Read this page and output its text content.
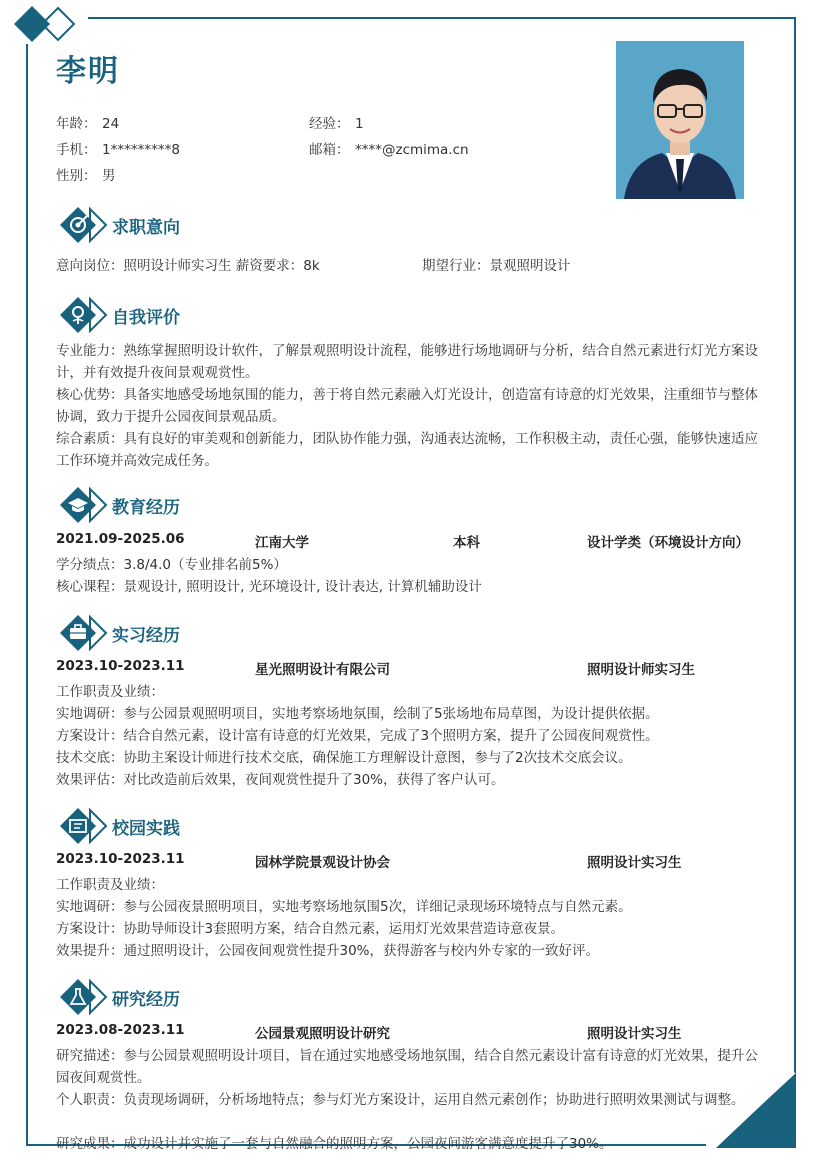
李明
年龄： 24	经验： 1
手机： 1*********8	邮箱： ****@zcmima.cn
性别： 男
求职意向
意向岗位：照明设计师实习生 薪资要求：8k	期望行业：景观照明设计
自我评价
专业能力：熟练掌握照明设计软件，了解景观照明设计流程，能够进行场地调研与分析，结合自然元素进行灯光方案设计，并有效提升夜间景观观赏性。
核心优势：具备实地感受场地氛围的能力，善于将自然元素融入灯光设计，创造富有诗意的灯光效果，注重细节与整体协调，致力于提升公园夜间景观品质。
综合素质：具有良好的审美观和创新能力，团队协作能力强，沟通表达流畅，工作积极主动，责任心强，能够快速适应工作环境并高效完成任务。
教育经历
2021.09-2025.06	江南大学	本科	设计学类（环境设计方向）
学分绩点：3.8/4.0（专业排名前5%）
核心课程：景观设计, 照明设计, 光环境设计, 设计表达, 计算机辅助设计
实习经历
2023.10-2023.11	星光照明设计有限公司	照明设计师实习生
工作职责及业绩：
实地调研：参与公园景观照明项目，实地考察场地氛围，绘制了5张场地布局草图，为设计提供依据。
方案设计：结合自然元素，设计富有诗意的灯光效果，完成了3个照明方案，提升了公园夜间观赏性。
技术交底：协助主案设计师进行技术交底，确保施工方理解设计意图，参与了2次技术交底会议。
效果评估：对比改造前后效果，夜间观赏性提升了30%，获得了客户认可。
校园实践
2023.10-2023.11	园林学院景观设计协会	照明设计实习生
工作职责及业绩：
实地调研：参与公园夜景照明项目，实地考察场地氛围5次，详细记录现场环境特点与自然元素。
方案设计：协助导师设计3套照明方案，结合自然元素，运用灯光效果营造诗意夜景。
效果提升：通过照明设计，公园夜间观赏性提升30%，获得游客与校内外专家的一致好评。
研究经历
2023.08-2023.11	公园景观照明设计研究	照明设计实习生
研究描述：参与公园景观照明设计项目，旨在通过实地感受场地氛围，结合自然元素设计富有诗意的灯光效果，提升公园夜间观赏性。
个人职责：负责现场调研，分析场地特点；参与灯光方案设计，运用自然元素创作；协助进行照明效果测试与调整。
研究成果：成功设计并实施了一套与自然融合的照明方案，公园夜间游客满意度提升了30%。
